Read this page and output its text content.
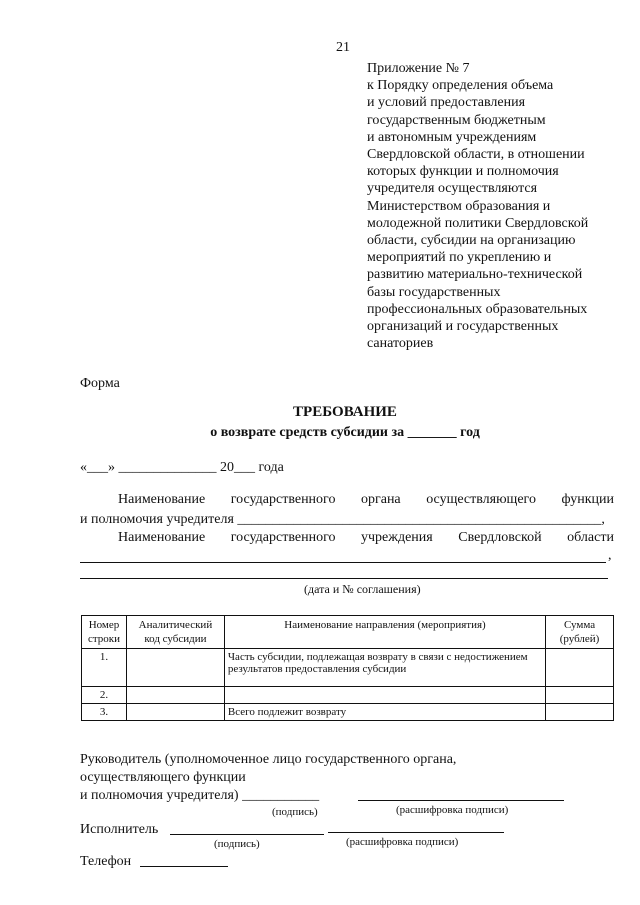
21
Приложение № 7
к Порядку определения объема
и условий предоставления
государственным бюджетным
и автономным учреждениям
Свердловской области, в отношении
которых функции и полномочия
учредителя осуществляются
Министерством образования и
молодежной политики Свердловской
области, субсидии на организацию
мероприятий по укреплению и
развитию материально-технической
базы государственных
профессиональных образовательных
организаций и государственных
санаториев
Форма
ТРЕБОВАНИЕ
о возврате средств субсидии за _______ год
«___» ______________ 20___ года
Наименование государственного органа осуществляющего функции
и полномочия учредителя ____________________________________________________,
Наименование государственного учреждения Свердловской области
,
(дата и № соглашения)
Номер строки	Аналитический код субсидии	Наименование направления (мероприятия)	Сумма (рублей)
1.		Часть субсидии, подлежащая возврату в связи с недостижением результатов предоставления субсидии	
2.			
3.		Всего подлежит возврату	
Руководитель (уполномоченное лицо государственного органа,
осуществляющего функции
и полномочия учредителя) ___________
(подпись)	(расшифровка подписи)
Исполнитель
(подпись)	(расшифровка подписи)
Телефон
